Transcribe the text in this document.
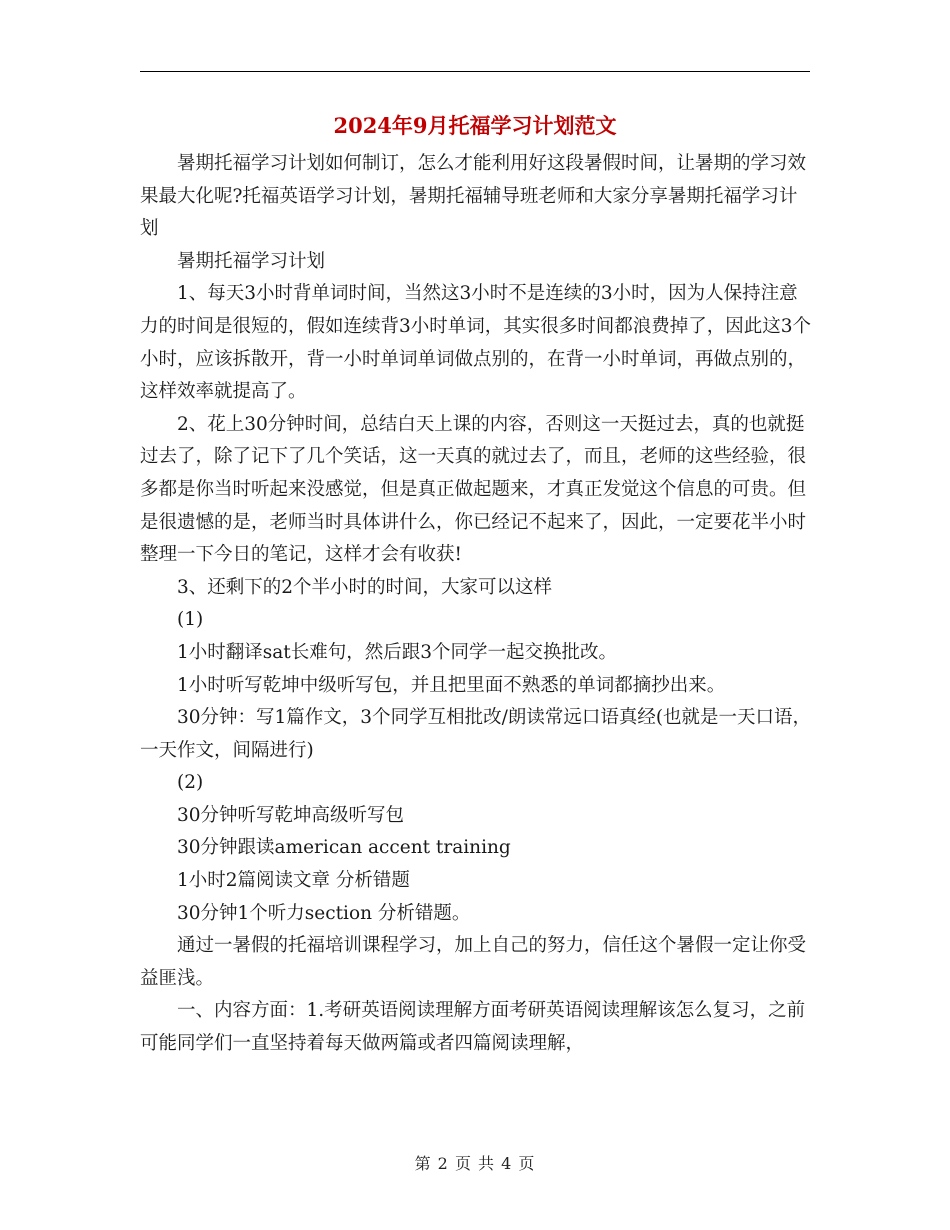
2024年9月托福学习计划范文

暑期托福学习计划如何制订，怎么才能利用好这段暑假时间，让暑期的学习效果最大化呢?托福英语学习计划，暑期托福辅导班老师和大家分享暑期托福学习计划

暑期托福学习计划

1、每天3小时背单词时间，当然这3小时不是连续的3小时，因为人保持注意力的时间是很短的，假如连续背3小时单词，其实很多时间都浪费掉了，因此这3个小时，应该拆散开，背一小时单词单词做点别的，在背一小时单词，再做点别的，这样效率就提高了。

2、花上30分钟时间，总结白天上课的内容，否则这一天挺过去，真的也就挺过去了，除了记下了几个笑话，这一天真的就过去了，而且，老师的这些经验，很多都是你当时听起来没感觉，但是真正做起题来，才真正发觉这个信息的可贵。但是很遗憾的是，老师当时具体讲什么，你已经记不起来了，因此，一定要花半小时整理一下今日的笔记，这样才会有收获!

3、还剩下的2个半小时的时间，大家可以这样

(1)

1小时翻译sat长难句，然后跟3个同学一起交换批改。

1小时听写乾坤中级听写包，并且把里面不熟悉的单词都摘抄出来。

30分钟：写1篇作文，3个同学互相批改/朗读常远口语真经(也就是一天口语，一天作文，间隔进行)

(2)

30分钟听写乾坤高级听写包

30分钟跟读american accent training

1小时2篇阅读文章 分析错题

30分钟1个听力section 分析错题。

通过一暑假的托福培训课程学习，加上自己的努力，信任这个暑假一定让你受益匪浅。

一、内容方面：1.考研英语阅读理解方面考研英语阅读理解该怎么复习，之前可能同学们一直坚持着每天做两篇或者四篇阅读理解，

第 2 页 共 4 页
